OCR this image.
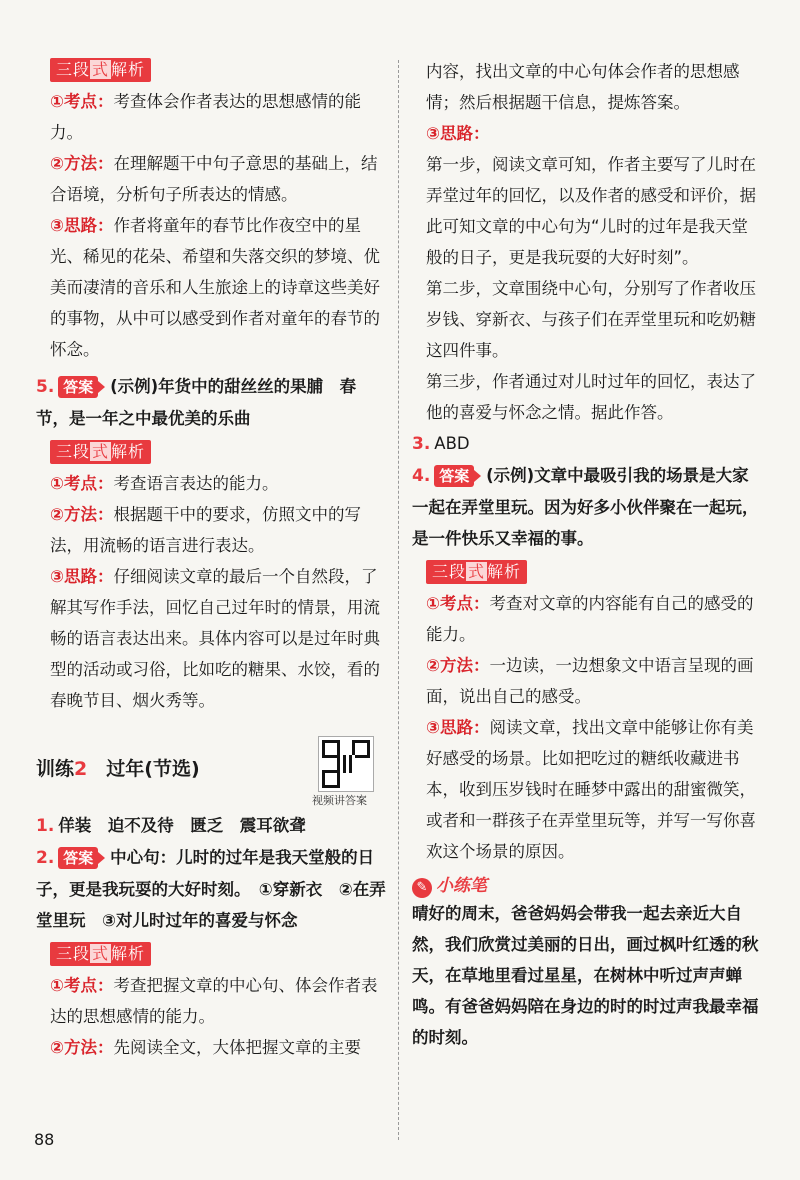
三段 式 解析

①考点：考查体会作者表达的思想感情的能力。

②方法：在理解题干中句子意思的基础上，结合语境，分析句子所表达的情感。

③思路：作者将童年的春节比作夜空中的星光、稀见的花朵、希望和失落交织的梦境、优美而凄清的音乐和人生旅途上的诗章这些美好的事物，从中可以感受到作者对童年的春节的怀念。

5. 答案 (示例)年货中的甜丝丝的果脯　春节，是一年之中最优美的乐曲

三段 式 解析

①考点：考查语言表达的能力。

②方法：根据题干中的要求，仿照文中的写法，用流畅的语言进行表达。

③思路：仔细阅读文章的最后一个自然段，了解其写作手法，回忆自己过年时的情景，用流畅的语言表达出来。具体内容可以是过年时典型的活动或习俗，比如吃的糖果、水饺，看的春晚节目、烟火秀等。

训练2　 过年(节选)
视频讲答案

1. 佯装　迫不及待　匮乏　震耳欲聋

2. 答案 中心句：儿时的过年是我天堂般的日子，更是我玩耍的大好时刻。　①穿新衣　②在弄堂里玩　③对儿时过年的喜爱与怀念

三段 式 解析

①考点：考查把握文章的中心句、体会作者表达的思想感情的能力。

②方法：先阅读全文，大体把握文章的主要

内容，找出文章的中心句体会作者的思想感情；然后根据题干信息，提炼答案。

③思路：

第一步，阅读文章可知，作者主要写了儿时在弄堂过年的回忆，以及作者的感受和评价，据此可知文章的中心句为“儿时的过年是我天堂般的日子，更是我玩耍的大好时刻”。

第二步，文章围绕中心句，分别写了作者收压岁钱、穿新衣、与孩子们在弄堂里玩和吃奶糖这四件事。

第三步，作者通过对儿时过年的回忆，表达了他的喜爱与怀念之情。据此作答。

3. ABD

4. 答案 (示例)文章中最吸引我的场景是大家一起在弄堂里玩。因为好多小伙伴聚在一起玩，是一件快乐又幸福的事。

三段 式 解析

①考点：考查对文章的内容能有自己的感受的能力。

②方法：一边读，一边想象文中语言呈现的画面，说出自己的感受。

③思路：阅读文章，找出文章中能够让你有美好感受的场景。比如把吃过的糖纸收藏进书本，收到压岁钱时在睡梦中露出的甜蜜微笑，或者和一群孩子在弄堂里玩等，并写一写你喜欢这个场景的原因。

✎ 小练笔

晴好的周末，爸爸妈妈会带我一起去亲近大自然，我们欣赏过美丽的日出，画过枫叶红透的秋天，在草地里看过星星，在树林中听过声声蝉鸣。有爸爸妈妈陪在身边的时的时过声我最幸福的时刻。

88
